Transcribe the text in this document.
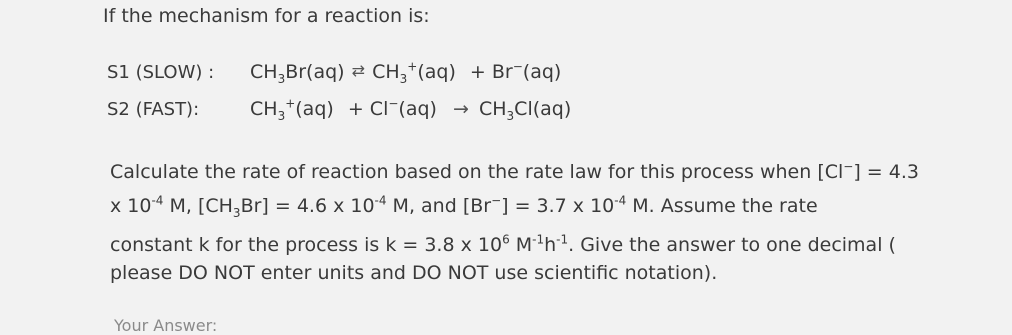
If the mechanism for a reaction is:
S1 (SLOW) : $CH_3Br(aq)$ ⇄ $CH_3^+(aq) + Br^-(aq)$
S2 (FAST):	$CH_3^+(aq) + Cl^-(aq) \to CH_3Cl(aq)$
Calculate the rate of reaction based on the rate law for this process when [Cl−] = 4.3
x $10^{-4}$ M, $[CH_3Br] = 4.6$ x $10^{-4}$ M, and [Br−] = 3.7 x $10^{-4}$ M. Assume the rate
constant k for the process is k = 3.8 x $10^6$ $M^{-1}h^{-1}$. Give the answer to one decimal (
please DO NOT enter units and DO NOT use scientific notation).
Your Answer:
